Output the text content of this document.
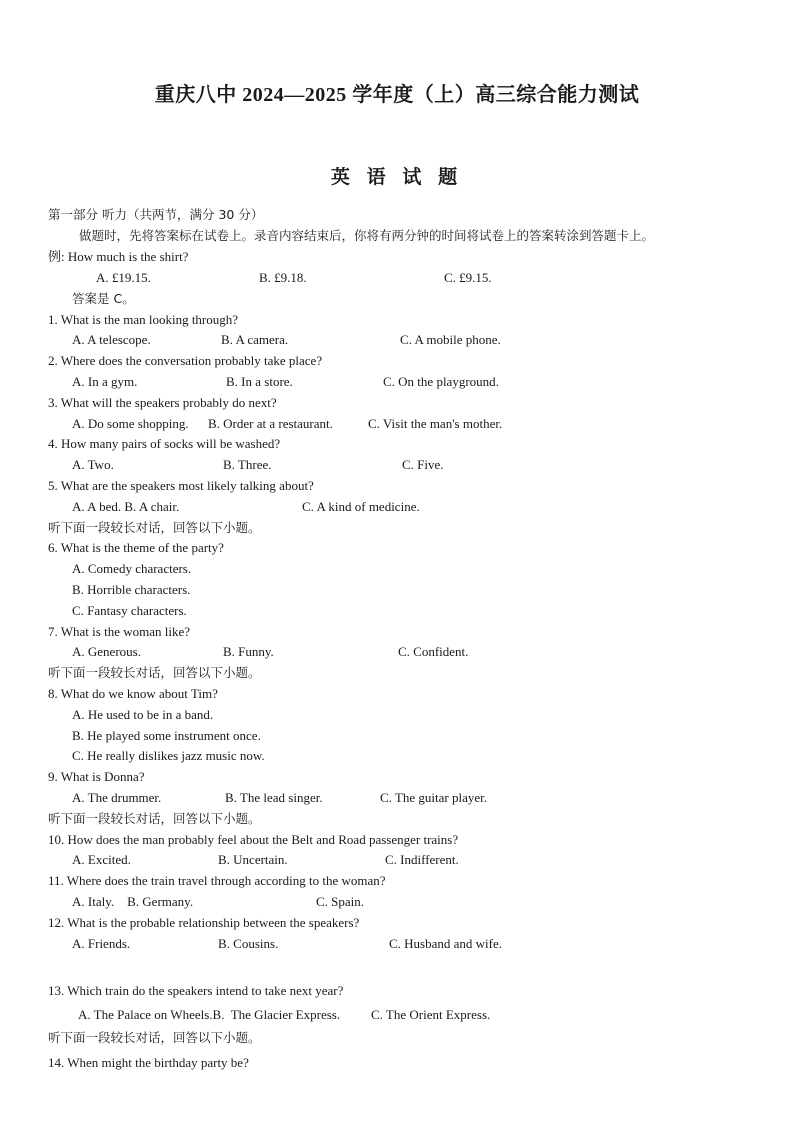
重庆八中 2024—2025 学年度（上）高三综合能力测试
英 语 试 题
第一部分 听力（共两节，满分 30 分）
做题时，先将答案标在试卷上。录音内容结束后，你将有两分钟的时间将试卷上的答案转涂到答题卡上。
例: How much is the shirt?
A. £19.15.	B. £9.18.	C. £9.15.
答案是 C。
1. What is the man looking through?
A. A telescope.	B. A camera.	C. A mobile phone.
2. Where does the conversation probably take place?
A. In a gym.	B. In a store.	C. On the playground.
3. What will the speakers probably do next?
A. Do some shopping. B. Order at a restaurant.	C. Visit the man's mother.
4. How many pairs of socks will be washed?
A. Two.	B. Three.	C. Five.
5. What are the speakers most likely talking about?
A. A bed. B. A chair.	C. A kind of medicine.
听下面一段较长对话，回答以下小题。
6. What is the theme of the party?
A. Comedy characters.
B. Horrible characters.
C. Fantasy characters.
7. What is the woman like?
A. Generous.	B. Funny.	C. Confident.
听下面一段较长对话，回答以下小题。
8. What do we know about Tim?
A. He used to be in a band.
B. He played some instrument once.
C. He really dislikes jazz music now.
9. What is Donna?
A. The drummer.	B. The lead singer.	C. The guitar player.
听下面一段较长对话，回答以下小题。
10. How does the man probably feel about the Belt and Road passenger trains?
A. Excited.	B. Uncertain.	C. Indifferent.
11. Where does the train travel through according to the woman?
A. Italy.    B. Germany.	C. Spain.
12. What is the probable relationship between the speakers?
A. Friends.	B. Cousins.	C. Husband and wife.
13. Which train do the speakers intend to take next year?
A. The Palace on Wheels.B.  The Glacier Express. C. The Orient Express.
听下面一段较长对话，回答以下小题。
14. When might the birthday party be?
